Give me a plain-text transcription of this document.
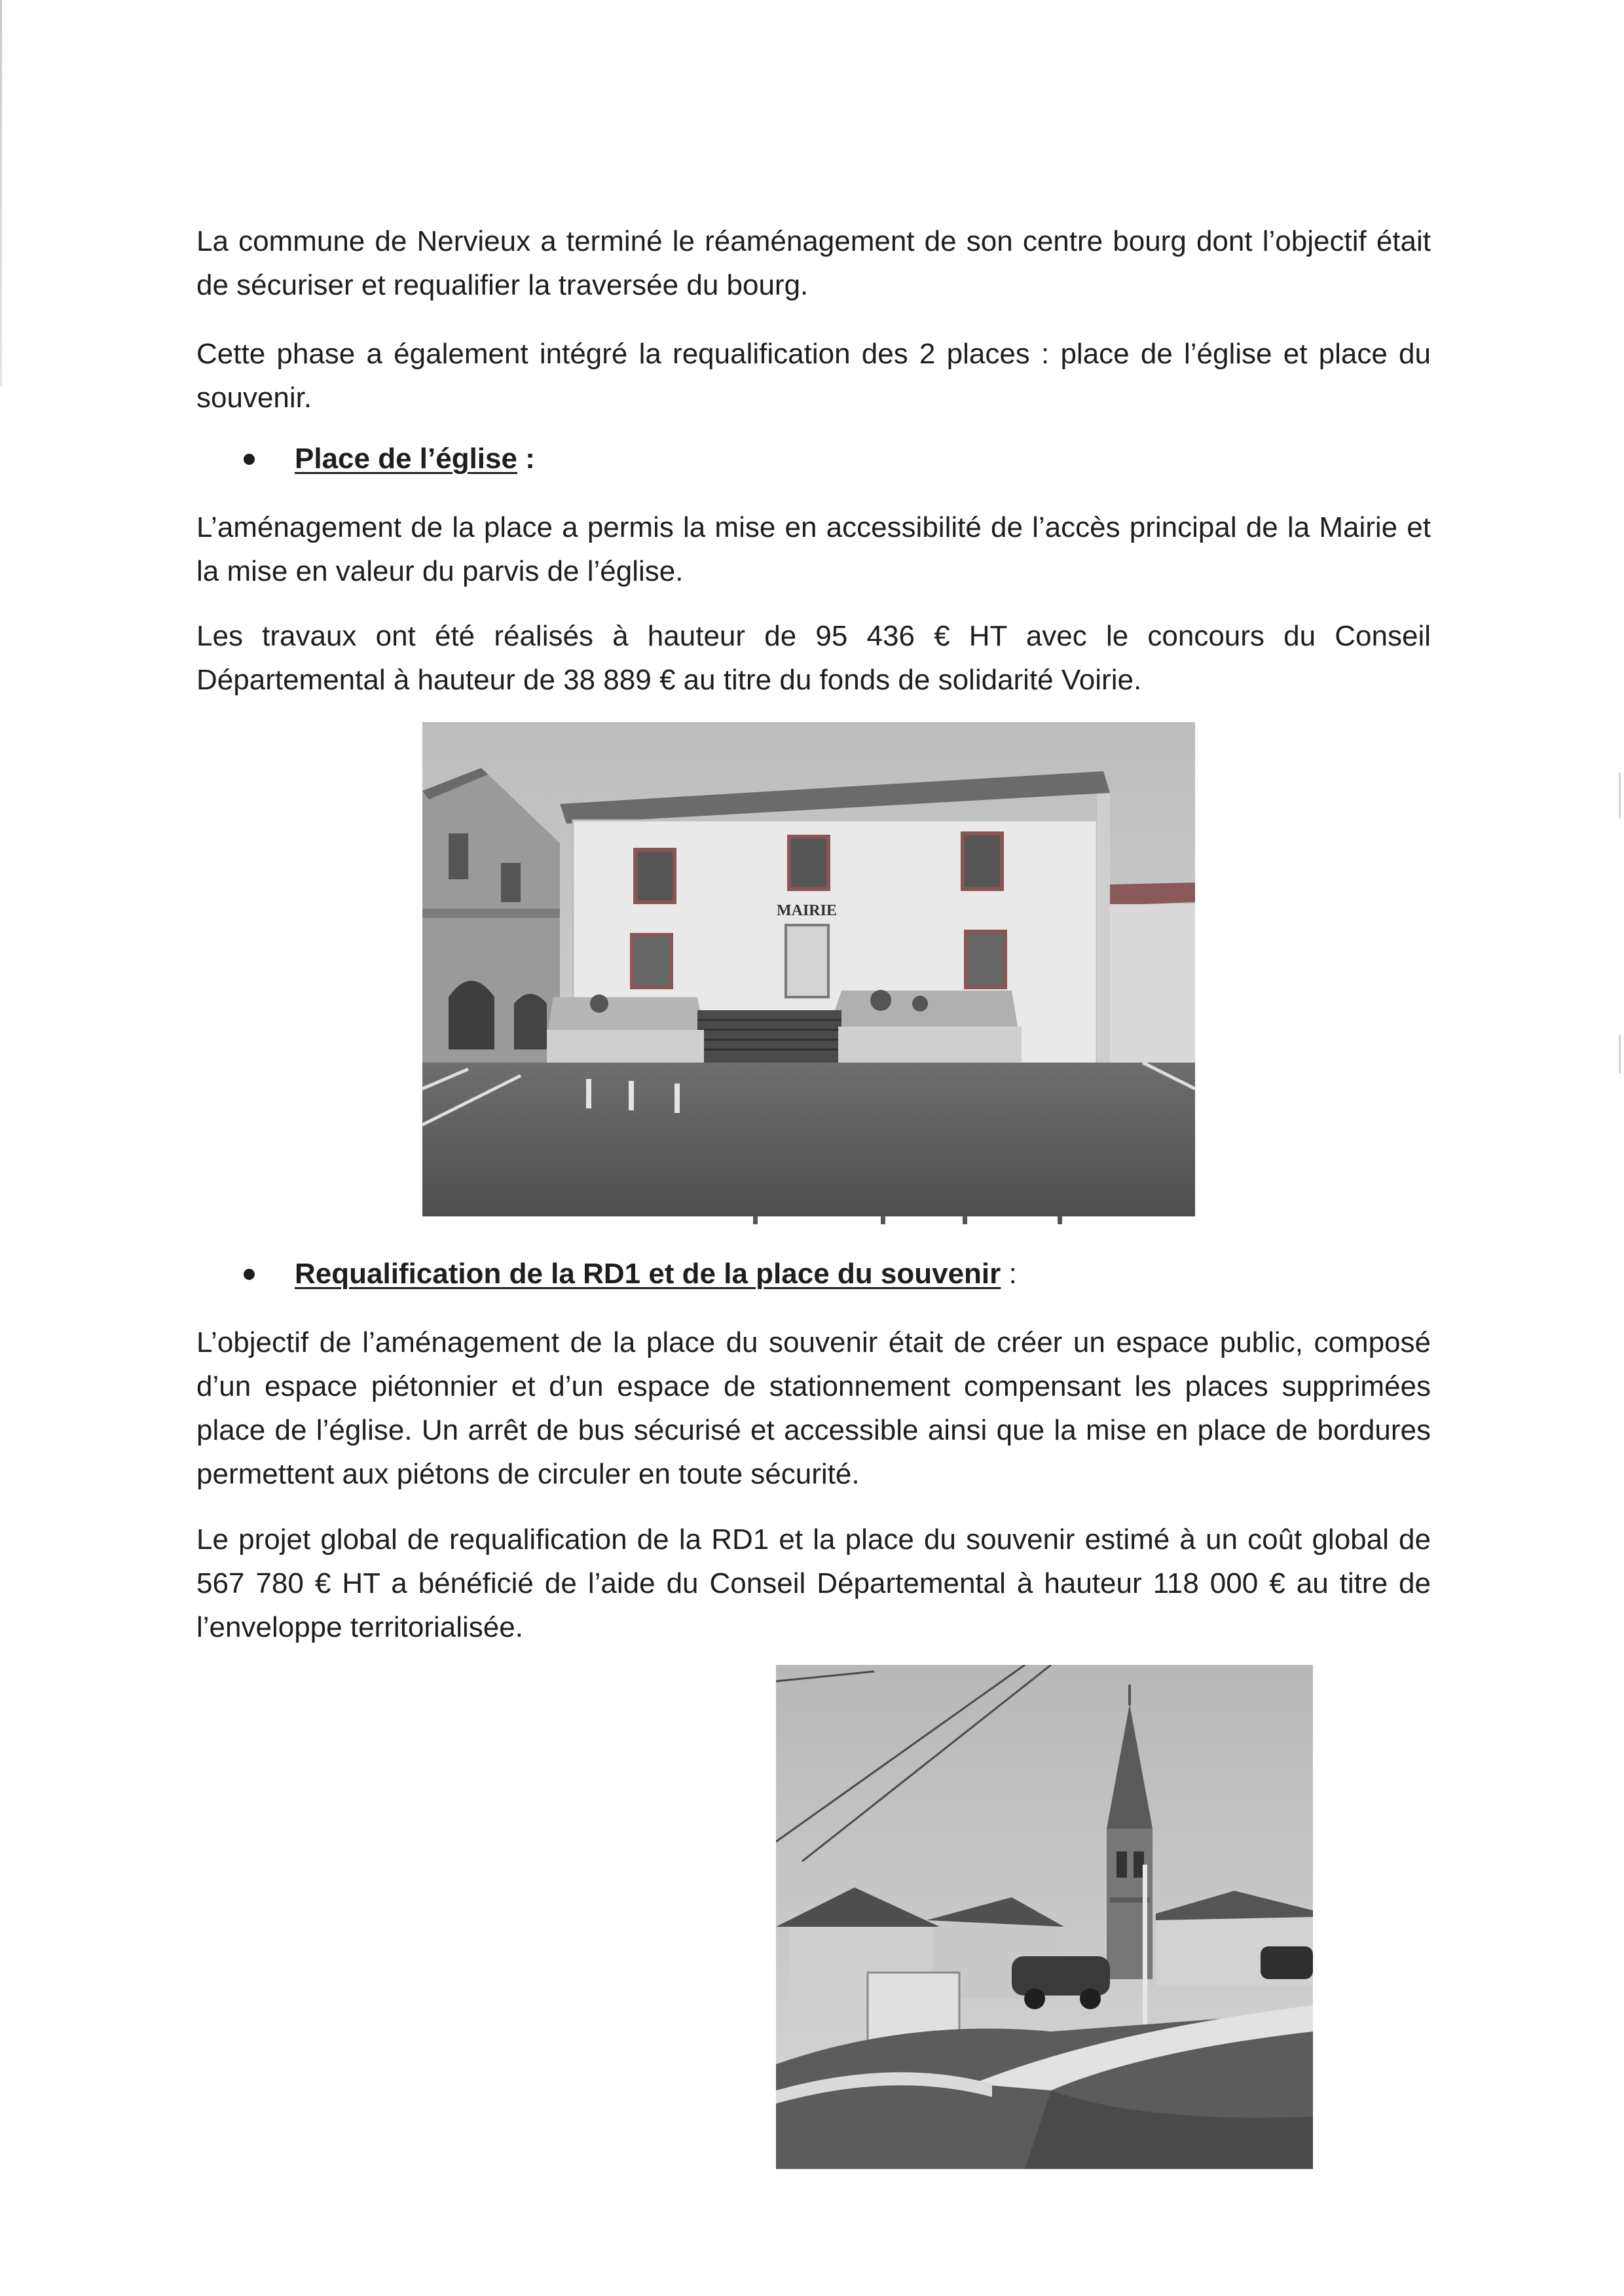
La commune de Nervieux a terminé le réaménagement de son centre bourg dont l’objectif était de sécuriser et requalifier la traversée du bourg.

Cette phase a également intégré la requalification des 2 places : place de l’église et place du souvenir.

Place de l’église :

L’aménagement de la place a permis la mise en accessibilité de l’accès principal de la Mairie et la mise en valeur du parvis de l’église.

Les travaux ont été réalisés à hauteur de 95 436 € HT avec le concours du Conseil Départemental à hauteur de 38 889 € au titre du fonds de solidarité Voirie.

MAIRIE
Requalification de la RD1 et de la place du souvenir :

L’objectif de l’aménagement de la place du souvenir était de créer un espace public, composé d’un espace piétonnier et d’un espace de stationnement compensant les places supprimées place de l’église. Un arrêt de bus sécurisé et accessible ainsi que la mise en place de bordures permettent aux piétons de circuler en toute sécurité.

Le projet global de requalification de la RD1 et la place du souvenir estimé à un coût global de 567 780 € HT a bénéficié de l’aide du Conseil Départemental à hauteur 118 000 € au titre de l’enveloppe territorialisée.
